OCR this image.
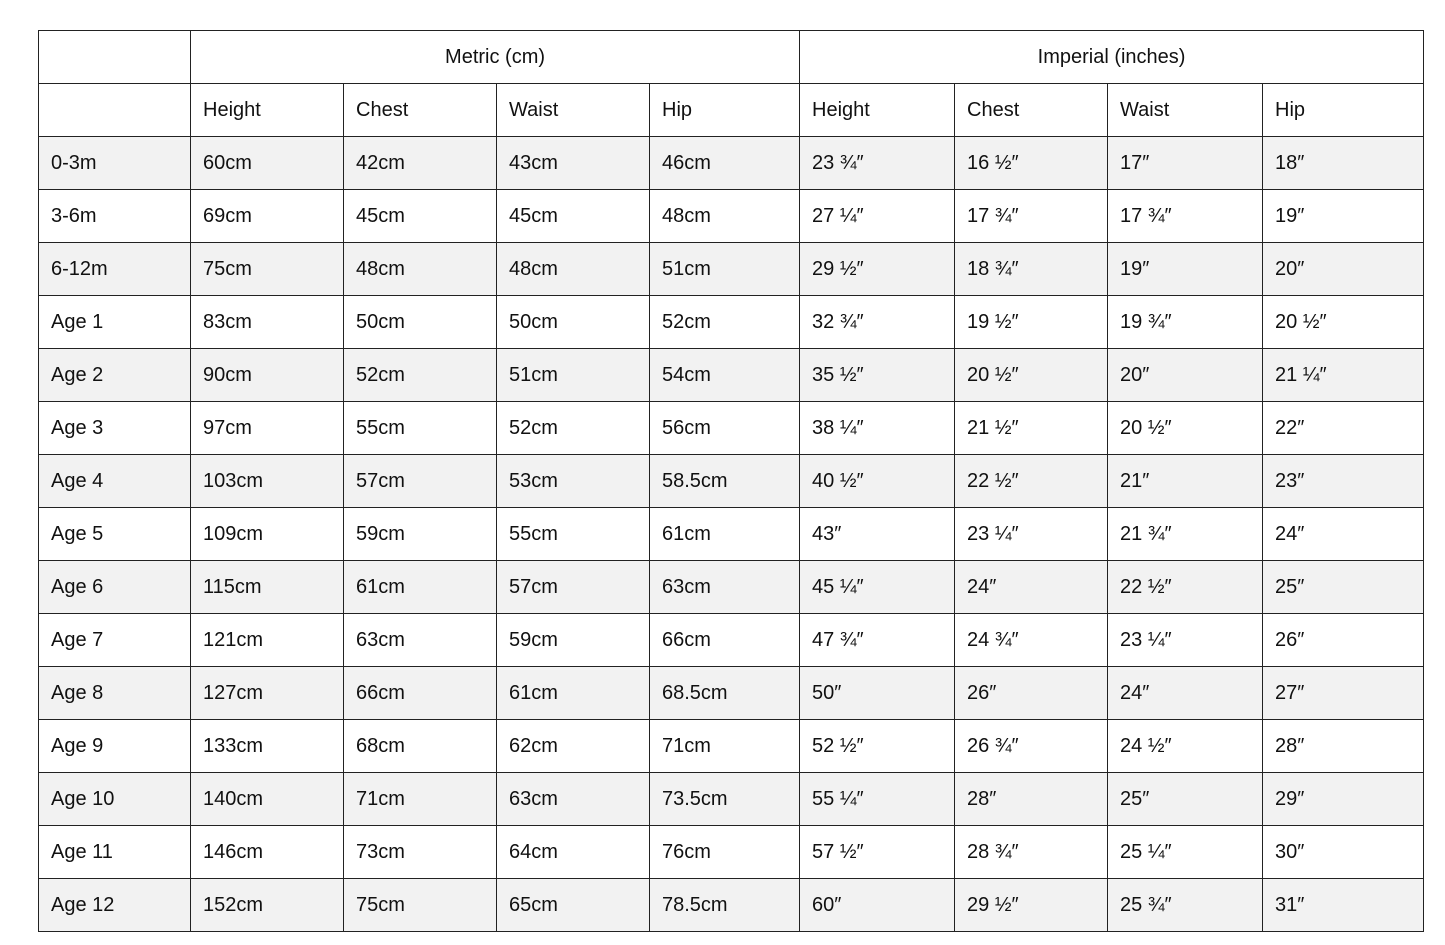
	Metric (cm)				Imperial (inches)			
	Height	Chest	Waist	Hip	Height	Chest	Waist	Hip
0-3m	60cm	42cm	43cm	46cm	23 ¾″	16 ½″	17″	18″
3-6m	69cm	45cm	45cm	48cm	27 ¼″	17 ¾″	17 ¾″	19″
6-12m	75cm	48cm	48cm	51cm	29 ½″	18 ¾″	19″	20″
Age 1	83cm	50cm	50cm	52cm	32 ¾″	19 ½″	19 ¾″	20 ½″
Age 2	90cm	52cm	51cm	54cm	35 ½″	20 ½″	20″	21 ¼″
Age 3	97cm	55cm	52cm	56cm	38 ¼″	21 ½″	20 ½″	22″
Age 4	103cm	57cm	53cm	58.5cm	40 ½″	22 ½″	21″	23″
Age 5	109cm	59cm	55cm	61cm	43″	23 ¼″	21 ¾″	24″
Age 6	115cm	61cm	57cm	63cm	45 ¼″	24″	22 ½″	25″
Age 7	121cm	63cm	59cm	66cm	47 ¾″	24 ¾″	23 ¼″	26″
Age 8	127cm	66cm	61cm	68.5cm	50″	26″	24″	27″
Age 9	133cm	68cm	62cm	71cm	52 ½″	26 ¾″	24 ½″	28″
Age 10	140cm	71cm	63cm	73.5cm	55 ¼″	28″	25″	29″
Age 11	146cm	73cm	64cm	76cm	57 ½″	28 ¾″	25 ¼″	30″
Age 12	152cm	75cm	65cm	78.5cm	60″	29 ½″	25 ¾″	31″
